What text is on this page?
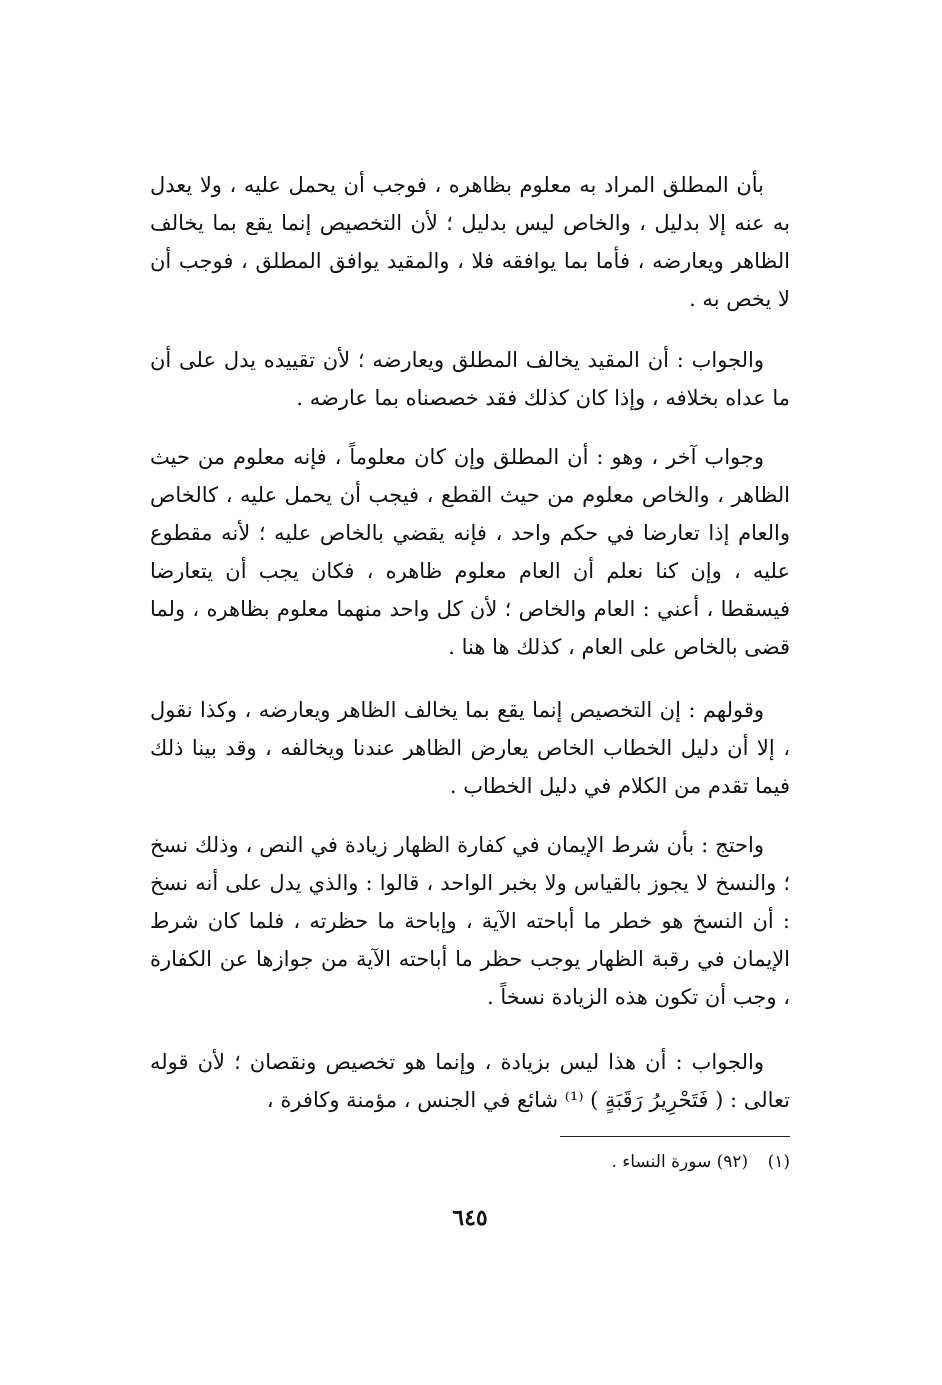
بأن المطلق المراد به معلوم بظاهره ، فوجب أن يحمل عليه ، ولا يعدل به عنه إلا بدليل ، والخاص ليس بدليل ؛ لأن التخصيص إنما يقع بما يخالف الظاهر ويعارضه ، فأما بما يوافقه فلا ، والمقيد يوافق المطلق ، فوجب أن لا يخص به .

والجواب : أن المقيد يخالف المطلق ويعارضه ؛ لأن تقييده يدل على أن ما عداه بخلافه ، وإذا كان كذلك فقد خصصناه بما عارضه .

وجواب آخر ، وهو : أن المطلق وإن كان معلوماً ، فإنه معلوم من حيث الظاهر ، والخاص معلوم من حيث القطع ، فيجب أن يحمل عليه ، كالخاص والعام إذا تعارضا في حكم واحد ، فإنه يقضي بالخاص عليه ؛ لأنه مقطوع عليه ، وإن كنا نعلم أن العام معلوم ظاهره ، فكان يجب أن يتعارضا فيسقطا ، أعني : العام والخاص ؛ لأن كل واحد منهما معلوم بظاهره ، ولما قضى بالخاص على العام ، كذلك ها هنا .

وقولهم : إن التخصيص إنما يقع بما يخالف الظاهر ويعارضه ، وكذا نقول ، إلا أن دليل الخطاب الخاص يعارض الظاهر عندنا ويخالفه ، وقد بينا ذلك فيما تقدم من الكلام في دليل الخطاب .

واحتج : بأن شرط الإيمان في كفارة الظهار زيادة في النص ، وذلك نسخ ؛ والنسخ لا يجوز بالقياس ولا بخبر الواحد ، قالوا : والذي يدل على أنه نسخ : أن النسخ هو خطر ما أباحته الآية ، وإباحة ما حظرته ، فلما كان شرط الإيمان في رقبة الظهار يوجب حظر ما أباحته الآية من جوازها عن الكفارة ، وجب أن تكون هذه الزيادة نسخاً .

والجواب : أن هذا ليس بزيادة ، وإنما هو تخصيص ونقصان ؛ لأن قوله تعالى : ( فَتَحْرِيرُ رَقَبَةٍ ) ⁽¹⁾ شائع في الجنس ، مؤمنة وكافرة ،

(١) (٩٢) سورة النساء .
٦٤٥
